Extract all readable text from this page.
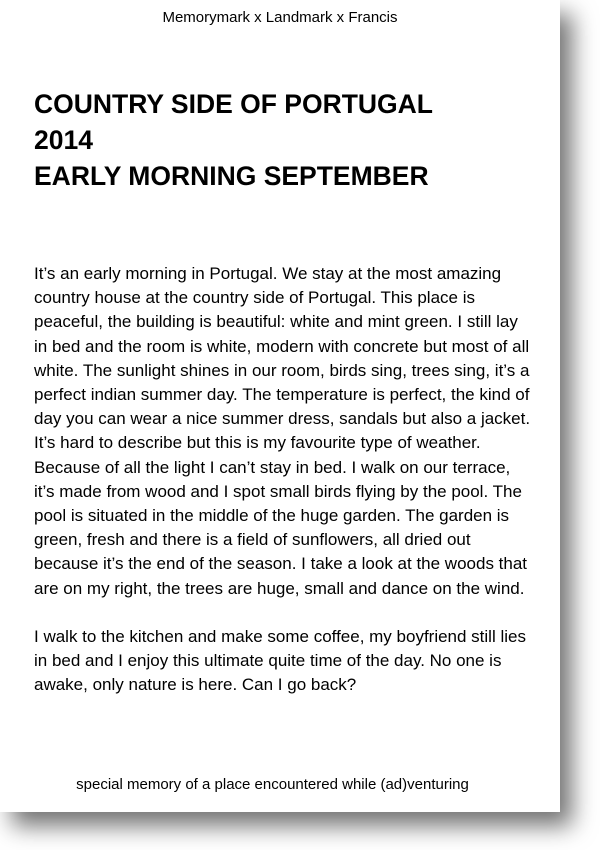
Memorymark x Landmark x Francis
COUNTRY SIDE OF PORTUGAL
2014
EARLY MORNING SEPTEMBER

It’s an early morning in Portugal. We stay at the most amazing country house at the country side of Portugal. This place is peaceful, the building is beautiful: white and mint green. I still lay in bed and the room is white, modern with concrete but most of all white. The sunlight shines in our room, birds sing, trees sing, it’s a perfect indian summer day. The temperature is perfect, the kind of day you can wear a nice summer dress, sandals but also a jacket. It’s hard to describe but this is my favourite type of weather. Because of all the light I can’t stay in bed. I walk on our terrace, it’s made from wood and I spot small birds flying by the pool. The pool is situated in the middle of the huge garden. The garden is green, fresh and there is a field of sunflowers, all dried out because it’s the end of the season. I take a look at the woods that are on my right, the trees are huge, small and dance on the wind.

I walk to the kitchen and make some coffee, my boyfriend still lies in bed and I enjoy this ultimate quite time of the day. No one is awake, only nature is here. Can I go back?

special memory of a place encountered while (ad)venturing
